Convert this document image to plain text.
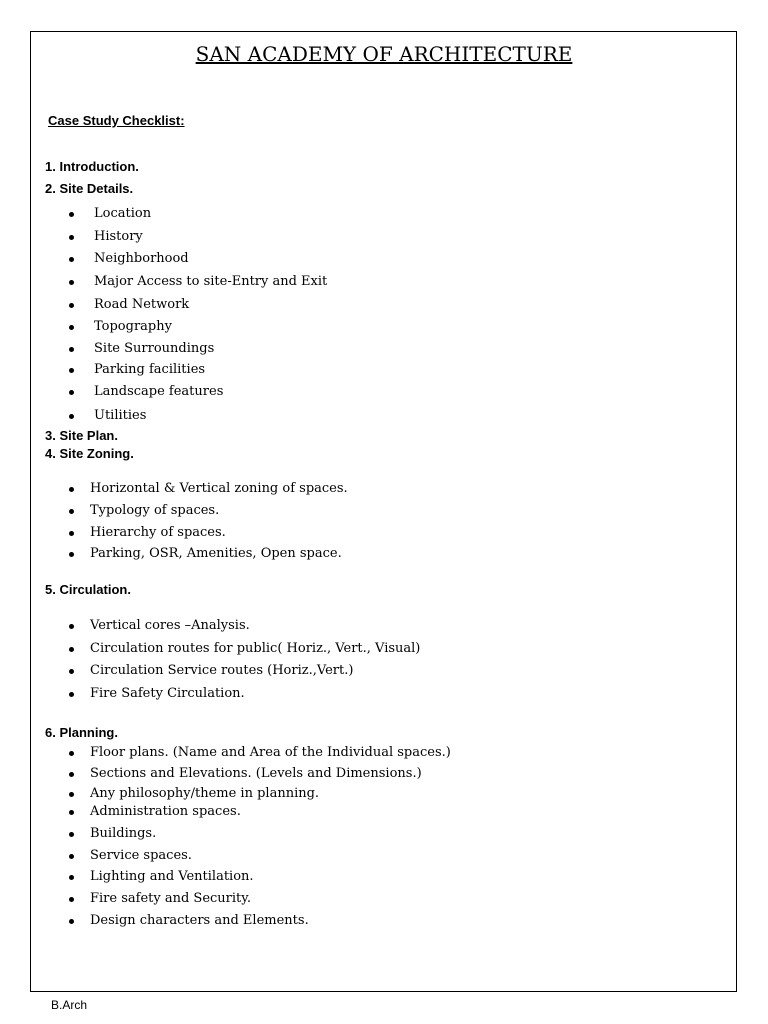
SAN ACADEMY OF ARCHITECTURE
Case Study Checklist:
1. Introduction.
2. Site Details.
3. Site Plan.
4. Site Zoning.
5. Circulation.
6. Planning.
Location
History
Neighborhood
Major Access to site-Entry and Exit
Road Network
Topography
Site Surroundings
Parking facilities
Landscape features
Utilities
Horizontal & Vertical zoning of spaces.
Typology of spaces.
Hierarchy of spaces.
Parking, OSR, Amenities, Open space.
Vertical cores –Analysis.
Circulation routes for public( Horiz., Vert., Visual)
Circulation Service routes (Horiz.,Vert.)
Fire Safety Circulation.
Floor plans. (Name and Area of the Individual spaces.)
Sections and Elevations. (Levels and Dimensions.)
Any philosophy/theme in planning.
Administration spaces.
Buildings.
Service spaces.
Lighting and Ventilation.
Fire safety and Security.
Design characters and Elements.
B.Arch
